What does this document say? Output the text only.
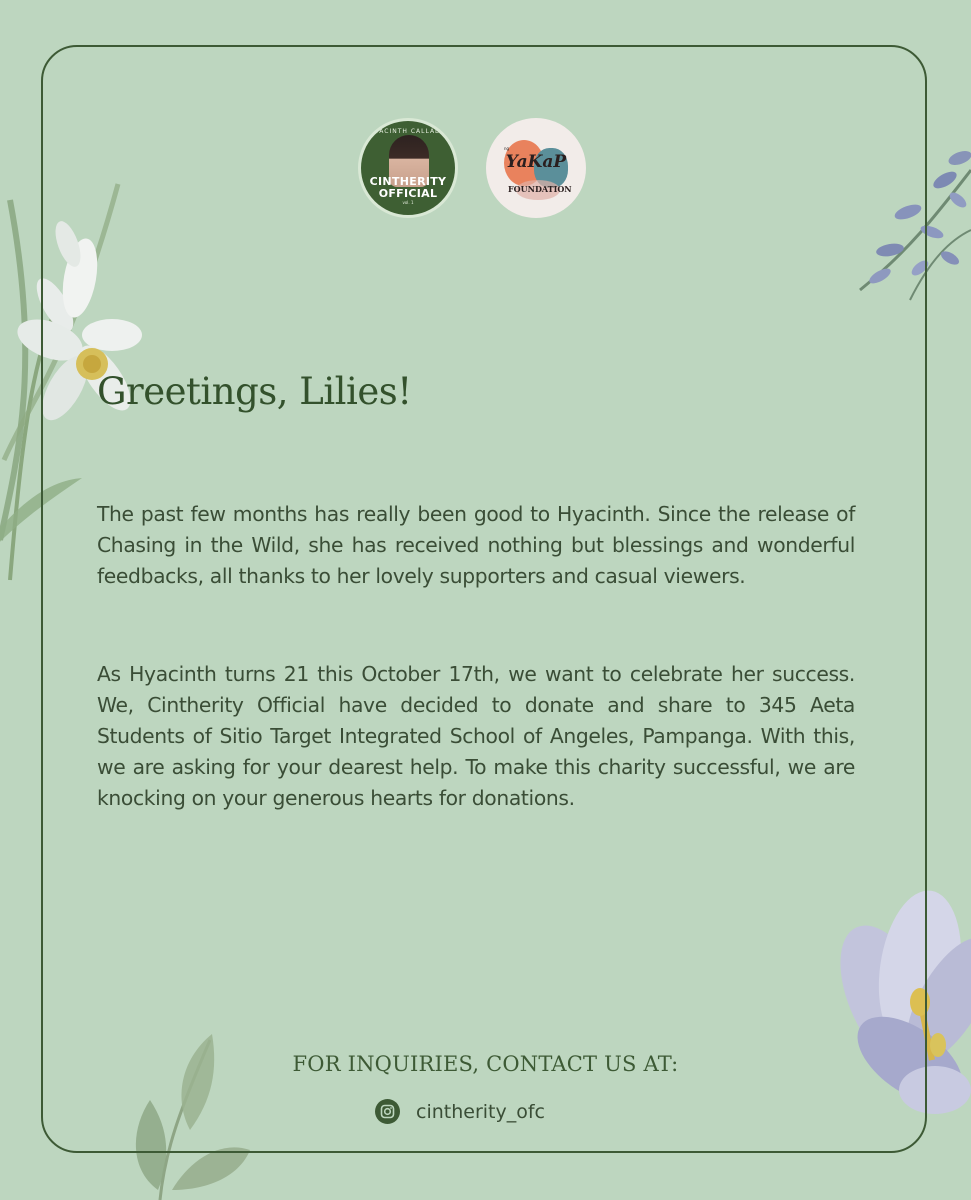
HYACINTH CALLADO
CINTHERITY
OFFICIAL
vol. 1
ng
YaKaP
FOUNDATION
Greetings, Lilies!

The past few months has really been good to Hyacinth. Since the release of Chasing in the Wild, she has received nothing but blessings and wonderful feedbacks, all thanks to her lovely supporters and casual viewers.

As Hyacinth turns 21 this October 17th, we want to celebrate her success. We, Cintherity Official have decided to donate and share to 345 Aeta Students of Sitio Target Integrated School of Angeles, Pampanga. With this, we are asking for your dearest help. To make this charity successful, we are knocking on your generous hearts for donations.

FOR INQUIRIES, CONTACT US AT:
cintherity_ofc
